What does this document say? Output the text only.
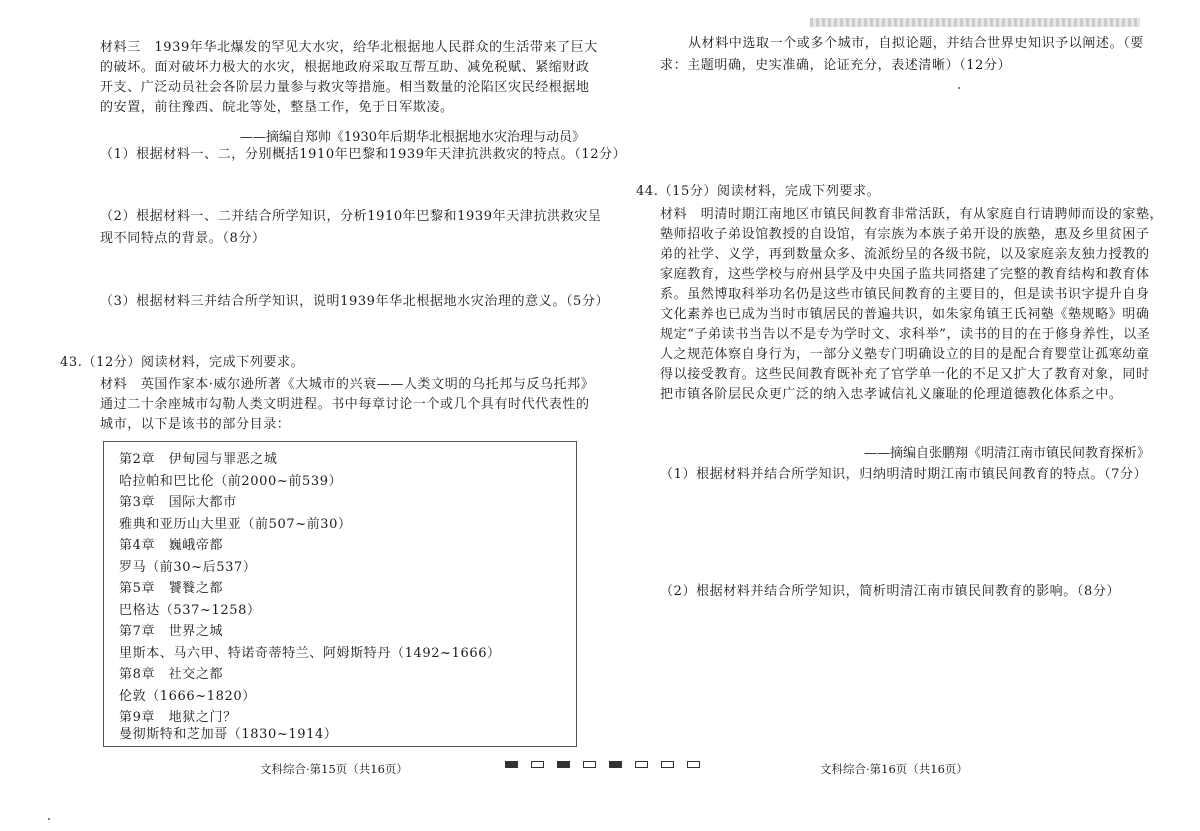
材料三　1939年华北爆发的罕见大水灾，给华北根据地人民群众的生活带来了巨大
的破坏。面对破坏力极大的水灾，根据地政府采取互帮互助、减免税赋、紧缩财政
开支、广泛动员社会各阶层力量参与救灾等措施。相当数量的沦陷区灾民经根据地
的安置，前往豫西、皖北等处，整垦工作，免于日军欺凌。
——摘编自郑帅《1930年后期华北根据地水灾治理与动员》
（1）根据材料一、二，分别概括1910年巴黎和1939年天津抗洪救灾的特点。（12分）
（2）根据材料一、二并结合所学知识，分析1910年巴黎和1939年天津抗洪救灾呈
现不同特点的背景。（8分）
（3）根据材料三并结合所学知识，说明1939年华北根据地水灾治理的意义。（5分）
43.（12分）阅读材料，完成下列要求。
材料　英国作家本·威尔逊所著《大城市的兴衰——人类文明的乌托邦与反乌托邦》
通过二十余座城市勾勒人类文明进程。书中每章讨论一个或几个具有时代代表性的
城市，以下是该书的部分目录：
第2章　伊甸园与罪恶之城
哈拉帕和巴比伦（前2000~前539）
第3章　国际大都市
雅典和亚历山大里亚（前507~前30）
第4章　巍峨帝都
罗马（前30~后537）
第5章　饕餮之都
巴格达（537~1258）
第7章　世界之城
里斯本、马六甲、特诺奇蒂特兰、阿姆斯特丹（1492~1666）
第8章　社交之都
伦敦（1666~1820）
第9章　地狱之门？
曼彻斯特和芝加哥（1830~1914）
文科综合·第15页（共16页）
从材料中选取一个或多个城市，自拟论题，并结合世界史知识予以阐述。（要
求：主题明确，史实准确，论证充分，表述清晰）（12分）
44.（15分）阅读材料，完成下列要求。
材料　明清时期江南地区市镇民间教育非常活跃，有从家庭自行请聘师而设的家塾，
塾师招收子弟设馆教授的自设馆，有宗族为本族子弟开设的族塾，惠及乡里贫困子
弟的社学、义学，再到数量众多、流派纷呈的各级书院，以及家庭亲友独力授教的
家庭教育，这些学校与府州县学及中央国子监共同搭建了完整的教育结构和教育体
系。虽然博取科举功名仍是这些市镇民间教育的主要目的，但是读书识字提升自身
文化素养也已成为当时市镇居民的普遍共识，如朱家角镇王氏祠塾《塾规略》明确
规定“子弟读书当告以不是专为学时文、求科举”，读书的目的在于修身养性，以圣
人之规范体察自身行为，一部分义塾专门明确设立的目的是配合育婴堂让孤寒幼童
得以接受教育。这些民间教育既补充了官学单一化的不足又扩大了教育对象，同时
把市镇各阶层民众更广泛的纳入忠孝诚信礼义廉耻的伦理道德教化体系之中。
——摘编自张鹏翔《明清江南市镇民间教育探析》
（1）根据材料并结合所学知识，归纳明清时期江南市镇民间教育的特点。（7分）
（2）根据材料并结合所学知识，简析明清江南市镇民间教育的影响。（8分）
文科综合·第16页（共16页）
